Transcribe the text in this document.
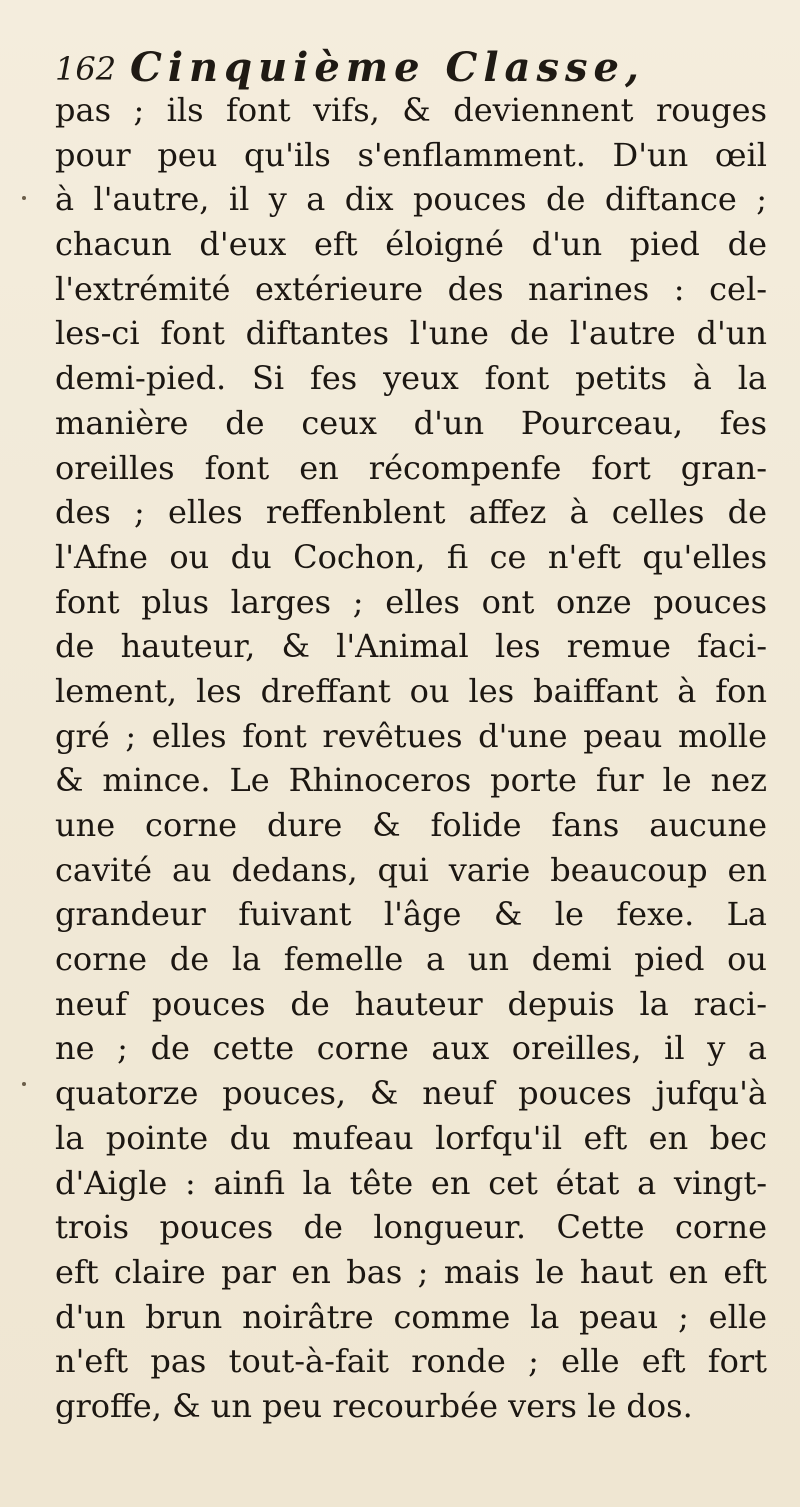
162 Cinquième Classe,
pas ; ils font vifs, & deviennent rouges
pour peu qu'ils s'enflamment. D'un œil
à l'autre, il y a dix pouces de diftance ;
chacun d'eux eft éloigné d'un pied de
l'extrémité extérieure des narines : cel-
les-ci font diftantes l'une de l'autre d'un
demi-pied. Si fes yeux font petits à la
manière de ceux d'un Pourceau, fes
oreilles font en récompenfe fort gran-
des ; elles reffenblent affez à celles de
l'Afne ou du Cochon, fi ce n'eft qu'elles
font plus larges ; elles ont onze pouces
de hauteur, & l'Animal les remue faci-
lement, les dreffant ou les baiffant à fon
gré ; elles font revêtues d'une peau molle
& mince. Le Rhinoceros porte fur le nez
une corne dure & folide fans aucune
cavité au dedans, qui varie beaucoup en
grandeur fuivant l'âge & le fexe. La
corne de la femelle a un demi pied ou
neuf pouces de hauteur depuis la raci-
ne ; de cette corne aux oreilles, il y a
quatorze pouces, & neuf pouces jufqu'à
la pointe du mufeau lorfqu'il eft en bec
d'Aigle : ainfi la tête en cet état a vingt-
trois pouces de longueur. Cette corne
eft claire par en bas ; mais le haut en eft
d'un brun noirâtre comme la peau ; elle
n'eft pas tout-à-fait ronde ; elle eft fort
groffe, & un peu recourbée vers le dos.
